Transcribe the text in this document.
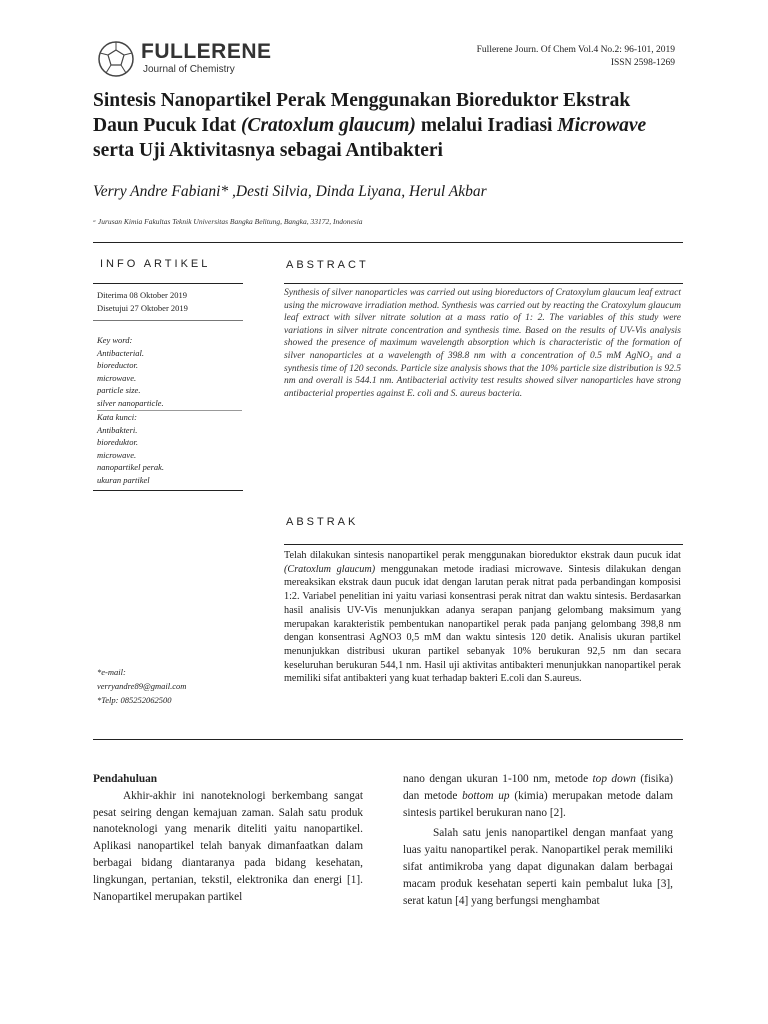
FULLERENE
Journal of Chemistry
Fullerene Journ. Of Chem Vol.4 No.2: 96-101, 2019
ISSN 2598-1269
Sintesis Nanopartikel Perak Menggunakan Bioreduktor Ekstrak
Daun Pucuk Idat (Cratoxlum glaucum) melalui Iradiasi Microwave
serta Uji Aktivitasnya sebagai Antibakteri
Verry Andre Fabiani* ,Desti Silvia, Dinda Liyana, Herul Akbar
ᵃ Jurusan Kimia Fakultas Teknik Universitas Bangka Belitung, Bangka, 33172, Indonesia
INFO ARTIKEL
Diterima 08 Oktober 2019
Disetujui 27 Oktober 2019
Key word:
Antibacterial.
bioreductor.
microwave.
particle size.
silver nanoparticle.
Kata kunci:
Antibakteri.
bioreduktor.
microwave.
nanopartikel perak.
ukuran partikel
*e-mail:
verryandre89@gmail.com
*Telp: 085252062500
ABSTRACT
Synthesis of silver nanoparticles was carried out using bioreductors of Cratoxylum glaucum leaf extract using the microwave irradiation method. Synthesis was carried out by reacting the Cratoxylum glaucum leaf extract with silver nitrate solution at a mass ratio of 1: 2. The variables of this study were variations in silver nitrate concentration and synthesis time. Based on the results of UV-Vis analysis showed the presence of maximum wavelength absorption which is characteristic of the formation of silver nanoparticles at a wavelength of 398.8 nm with a concentration of 0.5 mM AgNO₃ and a synthesis time of 120 seconds. Particle size analysis shows that the 10% particle size distribution is 92.5 nm and overall is 544.1 nm. Antibacterial activity test results showed silver nanoparticles have strong antibacterial properties against E. coli and S. aureus bacteria.
ABSTRAK
Telah dilakukan sintesis nanopartikel perak menggunakan bioreduktor ekstrak daun pucuk idat (Cratoxlum glaucum) menggunakan metode iradiasi microwave. Sintesis dilakukan dengan mereaksikan ekstrak daun pucuk idat dengan larutan perak nitrat pada perbandingan komposisi 1:2. Variabel penelitian ini yaitu variasi konsentrasi perak nitrat dan waktu sintesis. Berdasarkan hasil analisis UV-Vis menunjukkan adanya serapan panjang gelombang maksimum yang merupakan karakteristik pembentukan nanopartikel perak pada panjang gelombang 398,8 nm dengan konsentrasi AgNO3 0,5 mM dan waktu sintesis 120 detik. Analisis ukuran partikel menunjukkan distribusi ukuran partikel sebanyak 10% berukuran 92,5 nm dan secara keseluruhan berukuran 544,1 nm. Hasil uji aktivitas antibakteri menunjukkan nanopartikel perak memiliki sifat antibakteri yang kuat terhadap bakteri E.coli dan S.aureus.
Pendahuluan
Akhir-akhir ini nanoteknologi berkembang sangat pesat seiring dengan kemajuan zaman. Salah satu produk nanoteknologi yang menarik diteliti yaitu nanopartikel. Aplikasi nanopartikel telah banyak dimanfaatkan dalam berbagai bidang diantaranya pada bidang kesehatan, lingkungan, pertanian, tekstil, elektronika dan energi [1]. Nanopartikel merupakan partikel
nano dengan ukuran 1-100 nm, metode top down (fisika) dan metode bottom up (kimia) merupakan metode dalam sintesis partikel berukuran nano [2].
Salah satu jenis nanopartikel dengan manfaat yang luas yaitu nanopartikel perak. Nanopartikel perak memiliki sifat antimikroba yang dapat digunakan dalam berbagai macam produk kesehatan seperti kain pembalut luka [3], serat katun [4] yang berfungsi menghambat
